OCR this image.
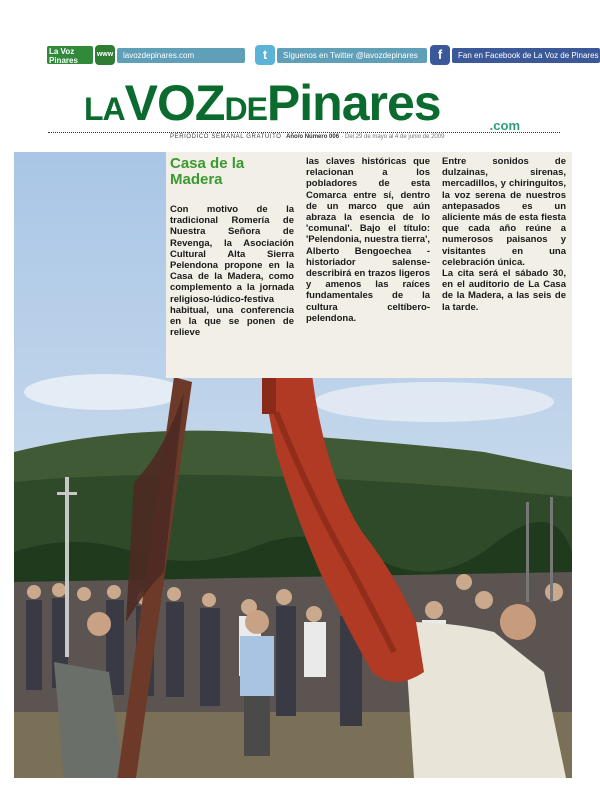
La Voz
Pinares
www	lavozdepinares.com	t	Síguenos en Twitter @lavozdepinares	f	Fan en Facebook de La Voz de Pinares
LAVOZDEPinares	.com
PERIÓDICO SEMANAL GRATUITO Año/o Número 006 · Del 29 de mayo al 4 de junio de 2009
Casa de la Madera
Con motivo de la tradicional Romería de Nuestra Señora de Revenga, la Asociación Cultural Alta Sierra Pelendona propone en la Casa de la Madera, como complemento a la jornada religioso-lúdico-festiva habitual, una conferencia en la que se ponen de relieve
las claves históricas que relacionan a los pobladores de esta Comarca entre sí, dentro de un marco que aún abraza la esencia de lo 'comunal'. Bajo el título: 'Pelendonia, nuestra tierra', Alberto Bengoechea -historiador salense- describirá en trazos ligeros y amenos las raíces fundamentales de la cultura celtíbero-pelendona.

Entre sonidos de dulzainas, sirenas, mercadillos, y chiringuitos, la voz serena de nuestros antepasados es un aliciente más de esta fiesta que cada año reúne a numerosos paisanos y visitantes en una celebración única.

La cita será el sábado 30, en el auditorio de La Casa de la Madera, a las seis de la tarde.
